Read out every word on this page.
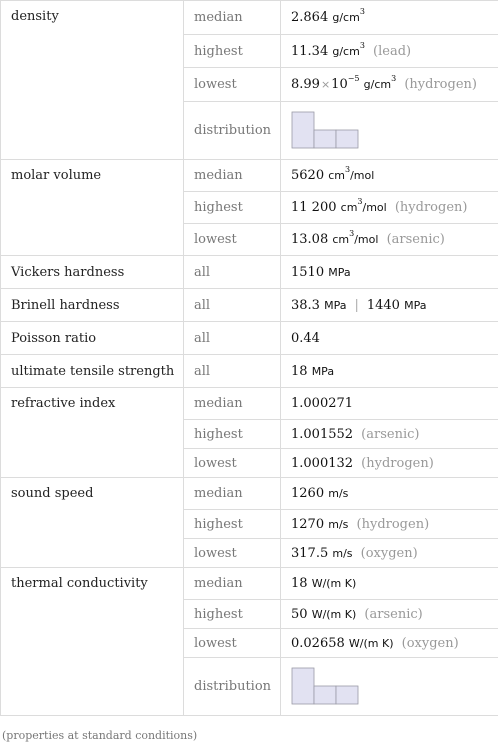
density	median	2.864 $g/cm^3$
	highest	11.34 $g/cm^3$ (lead)
	lowest	$8.99\times 10^{-5}$ $g/cm^3$ (hydrogen)
	distribution	

molar volume	median	5620 $cm^3$/mol
	highest	11 200 $cm^3$/mol (hydrogen)
	lowest	13.08 $cm^3$/mol (arsenic)
Vickers hardness	all	1510 MPa
Brinell hardness	all	38.3 MPa | 1440 MPa
Poisson ratio	all	0.44
ultimate tensile strength	all	18 MPa
refractive index	median	1.000271
	highest	1.001552 (arsenic)
	lowest	1.000132 (hydrogen)
sound speed	median	1260 m/s
	highest	1270 m/s (hydrogen)
	lowest	317.5 m/s (oxygen)
thermal conductivity	median	18 W/(m K)
	highest	50 W/(m K) (arsenic)
	lowest	0.02658 W/(m K) (oxygen)
	distribution	
(properties at standard conditions)
